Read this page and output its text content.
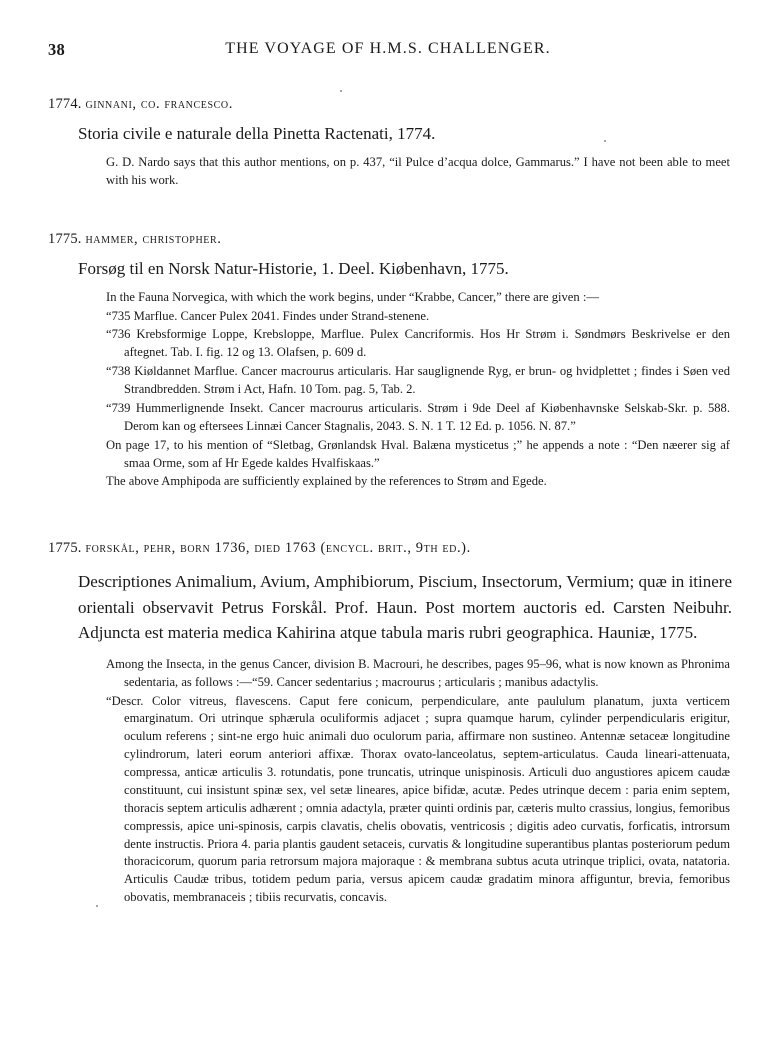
38	THE VOYAGE OF H.M.S. CHALLENGER.
1774. ginnani, co. francesco.
Storia civile e naturale della Pinetta Ractenati, 1774.

G. D. Nardo says that this author mentions, on p. 437, “il Pulce d’acqua dolce, Gammarus.” I have not been able to meet with his work.

1775. hammer, christopher.
Forsøg til en Norsk Natur-Historie, 1. Deel. Kiøbenhavn, 1775.

In the Fauna Norvegica, with which the work begins, under “Krabbe, Cancer,” there are given :—

“735 Marflue. Cancer Pulex 2041. Findes under Strand-stenene.

“736 Krebsformige Loppe, Krebsloppe, Marflue. Pulex Cancriformis. Hos Hr Strøm i. Søndmørs Beskrivelse er den aftegnet. Tab. I. fig. 12 og 13. Olafsen, p. 609 d.

“738 Kiøldannet Marflue. Cancer macrourus articularis. Har sauglignende Ryg, er brun- og hvidplettet ; findes i Søen ved Strandbredden. Strøm i Act, Hafn. 10 Tom. pag. 5, Tab. 2.

“739 Hummerlignende Insekt. Cancer macrourus articularis. Strøm i 9de Deel af Kiøbenhavnske Selskab-Skr. p. 588. Derom kan og eftersees Linnæi Cancer Stagnalis, 2043. S. N. 1 T. 12 Ed. p. 1056. N. 87.”

On page 17, to his mention of “Sletbag, Grønlandsk Hval. Balæna mysticetus ;” he appends a note : “Den næerer sig af smaa Orme, som af Hr Egede kaldes Hvalfiskaas.”

The above Amphipoda are sufficiently explained by the references to Strøm and Egede.

1775. forskål, pehr, born 1736, died 1763 (encycl. brit., 9th ed.).
Descriptiones Animalium, Avium, Amphibiorum, Piscium, Insectorum, Vermium; quæ in itinere orientali observavit Petrus Forskål. Prof. Haun. Post mortem auctoris ed. Carsten Neibuhr. Adjuncta est materia medica Kahirina atque tabula maris rubri geographica. Hauniæ, 1775.

Among the Insecta, in the genus Cancer, division B. Macrouri, he describes, pages 95–96, what is now known as Phronima sedentaria, as follows :—“59. Cancer sedentarius ; macrourus ; articularis ; manibus adactylis.

“Descr. Color vitreus, flavescens. Caput fere conicum, perpendiculare, ante paululum planatum, juxta verticem emarginatum. Ori utrinque sphærula oculiformis adjacet ; supra quamque harum, cylinder perpendicularis erigitur, oculum referens ; sint-ne ergo huic animali duo oculorum paria, affirmare non sustineo. Antennæ setaceæ longitudine cylindrorum, lateri eorum anteriori affixæ. Thorax ovato-lanceolatus, septem-articulatus. Cauda lineari-attenuata, compressa, anticæ articulis 3. rotundatis, pone truncatis, utrinque unispinosis. Articuli duo angustiores apicem caudæ constituunt, cui insistunt spinæ sex, vel setæ lineares, apice bifidæ, acutæ. Pedes utrinque decem : paria enim septem, thoracis septem articulis adhærent ; omnia adactyla, præter quinti ordinis par, cæteris multo crassius, longius, femoribus compressis, apice uni-spinosis, carpis clavatis, chelis obovatis, ventricosis ; digitis adeo curvatis, forficatis, introrsum dente instructis. Priora 4. paria plantis gaudent setaceis, curvatis & longitudine superantibus plantas posteriorum pedum thoracicorum, quorum paria retrorsum majora majoraque : & membrana subtus acuta utrinque triplici, ovata, natatoria. Articulis Caudæ tribus, totidem pedum paria, versus apicem caudæ gradatim minora affiguntur, brevia, femoribus obovatis, membranaceis ; tibiis recurvatis, concavis.
